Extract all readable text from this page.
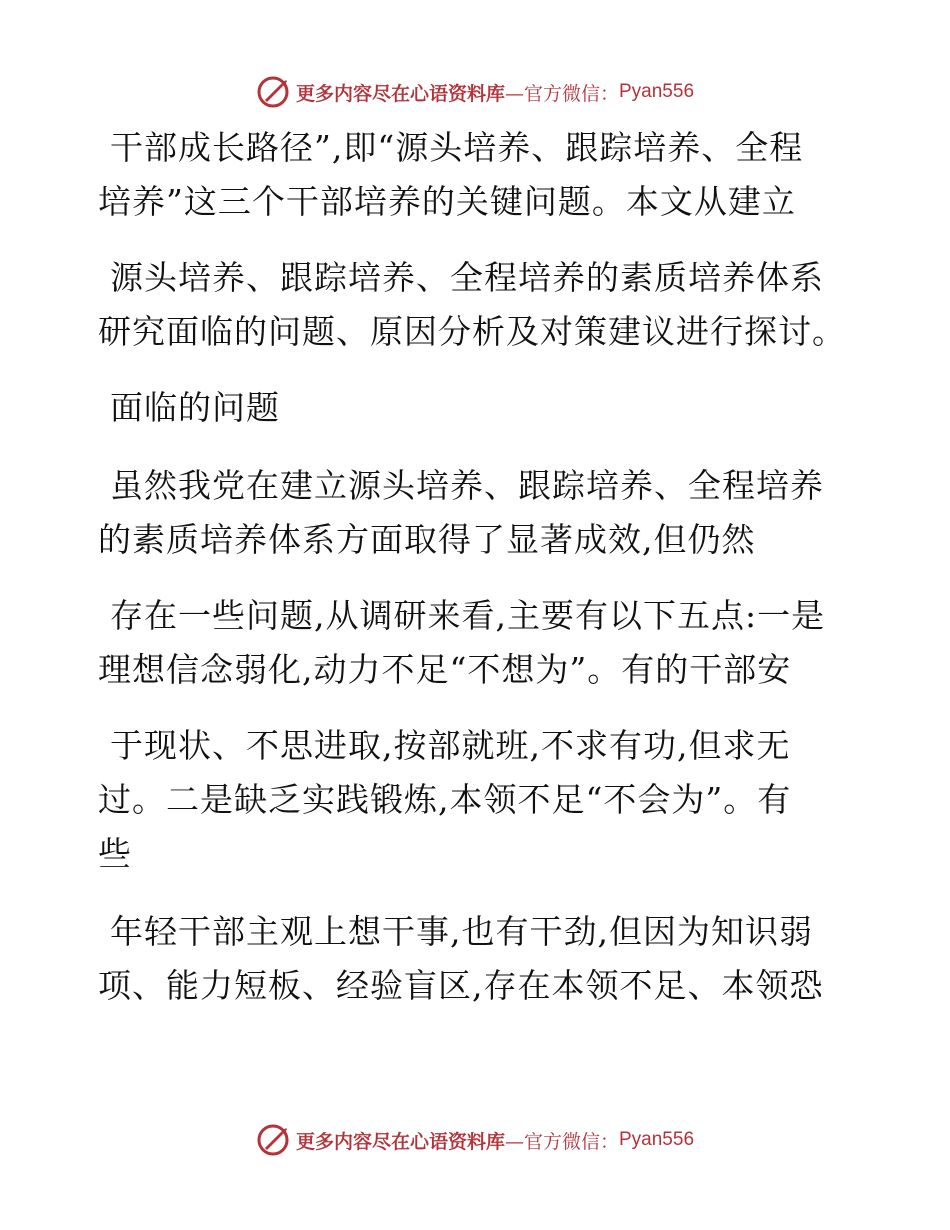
更多内容尽在心语资料库 —官方微信： Pyan556
干部成长路径”,即“源头培养、跟踪培养、全程
培养”这三个干部培养的关键问题。本文从建立
源头培养、跟踪培养、全程培养的素质培养体系
研究面临的问题、原因分析及对策建议进行探讨。
面临的问题
虽然我党在建立源头培养、跟踪培养、全程培养
的素质培养体系方面取得了显著成效,但仍然
存在一些问题,从调研来看,主要有以下五点:一是
理想信念弱化,动力不足“不想为”。有的干部安
于现状、不思进取,按部就班,不求有功,但求无
过。二是缺乏实践锻炼,本领不足“不会为”。有
些
年轻干部主观上想干事,也有干劲,但因为知识弱
项、能力短板、经验盲区,存在本领不足、本领恐
更多内容尽在心语资料库 —官方微信： Pyan556
